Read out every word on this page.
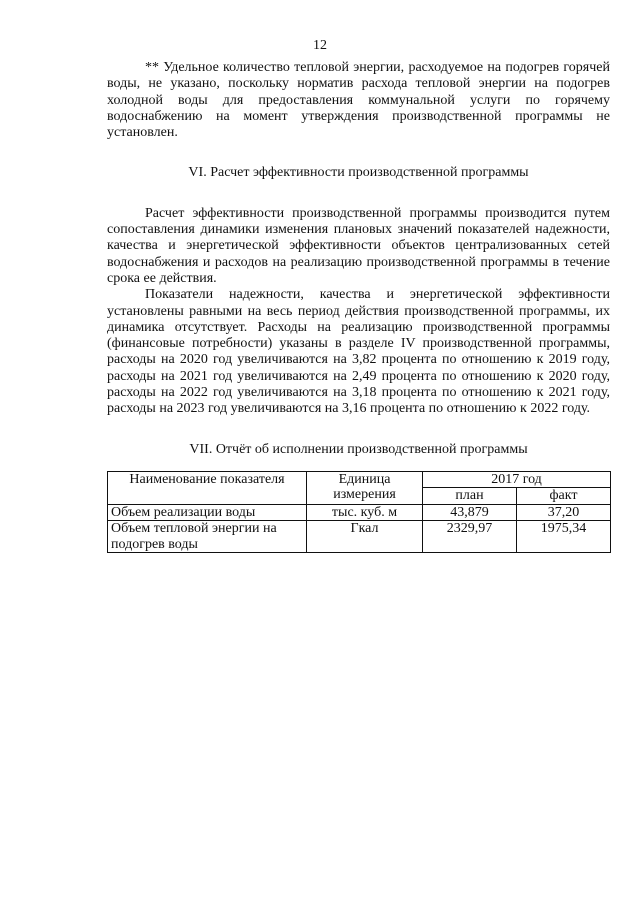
12

** Удельное количество тепловой энергии, расходуемое на подогрев горячей воды, не указано, поскольку норматив расхода тепловой энергии на подогрев холодной воды для предоставления коммунальной услуги по горячему водоснабжению на момент утверждения производственной программы не установлен.

VI. Расчет эффективности производственной программы

Расчет эффективности производственной программы производится путем сопоставления динамики изменения плановых значений показателей надежности, качества и энергетической эффективности объектов централизованных сетей водоснабжения и расходов на реализацию производственной программы в течение срока ее действия.

Показатели надежности, качества и энергетической эффективности установлены равными на весь период действия производственной программы, их динамика отсутствует. Расходы на реализацию производственной программы (финансовые потребности) указаны в разделе IV производственной программы, расходы на 2020 год увеличиваются на 3,82 процента по отношению к 2019 году, расходы на 2021 год увеличиваются на 2,49 процента по отношению к 2020 году, расходы на 2022 год увеличиваются на 3,18 процента по отношению к 2021 году, расходы на 2023 год увеличиваются на 3,16 процента по отношению к 2022 году.

VII. Отчёт об исполнении производственной программы
Наименование показателя	Единица измерения	2017 год	
		план	факт
Объем реализации воды	тыс. куб. м	43,879	37,20
Объем тепловой энергии на подогрев воды	Гкал	2329,97	1975,34
